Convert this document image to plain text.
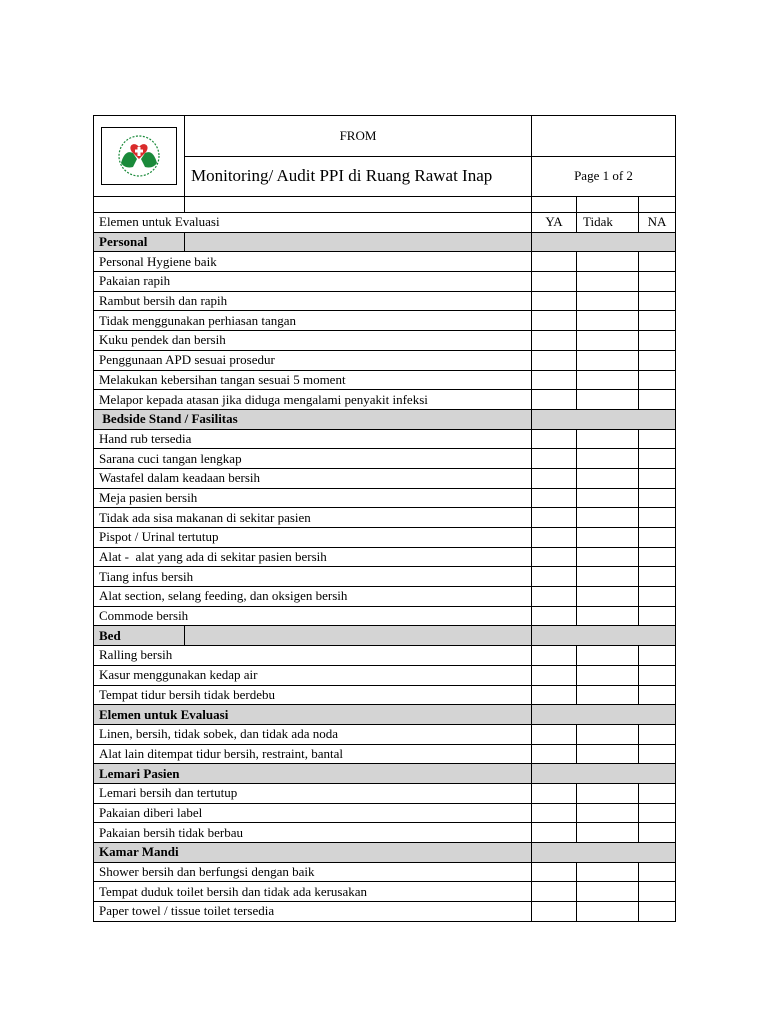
	FROM			
	Monitoring/ Audit PPI di Ruang Rawat Inap	Page 1 of 2		

Elemen untuk Evaluasi		YA	Tidak	NA
Personal				
Personal Hygiene baik				
Pakaian rapih				
Rambut bersih dan rapih				
Tidak menggunakan perhiasan tangan				
Kuku pendek dan bersih				
Penggunaan APD sesuai prosedur				
Melakukan kebersihan tangan sesuai 5 moment				
Melapor kepada atasan jika diduga mengalami penyakit infeksi				
Bedside Stand / Fasilitas				
Hand rub tersedia				
Sarana cuci tangan lengkap				
Wastafel dalam keadaan bersih				
Meja pasien bersih				
Tidak ada sisa makanan di sekitar pasien				
Pispot / Urinal tertutup				
Alat -  alat yang ada di sekitar pasien bersih				
Tiang infus bersih				
Alat section, selang feeding, dan oksigen bersih				
Commode bersih				
Bed				
Ralling bersih				
Kasur menggunakan kedap air				
Tempat tidur bersih tidak berdebu				
Elemen untuk Evaluasi				
Linen, bersih, tidak sobek, dan tidak ada noda				
Alat lain ditempat tidur bersih, restraint, bantal				
Lemari Pasien				
Lemari bersih dan tertutup				
Pakaian diberi label				
Pakaian bersih tidak berbau				
Kamar Mandi				
Shower bersih dan berfungsi dengan baik				
Tempat duduk toilet bersih dan tidak ada kerusakan				
Paper towel / tissue toilet tersedia				
